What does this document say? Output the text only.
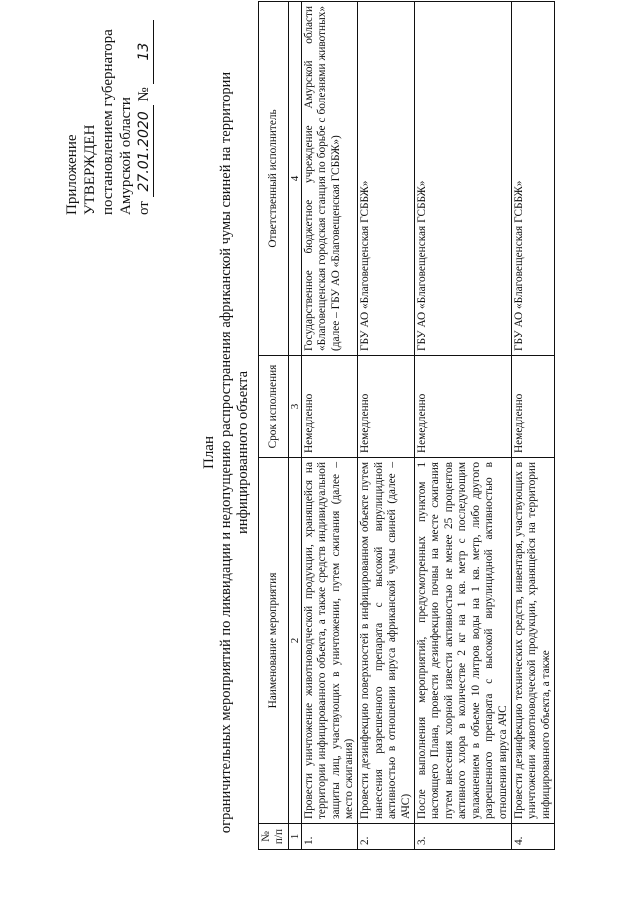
Приложение УТВЕРЖДЕН постановлением губернатора Амурской области от 27.01.2020 № 13
План ограничительных мероприятий по ликвидации и недопущению распространения африканской чумы свиней на территории инфицированного объекта
№ п/п	Наименование мероприятия	Срок исполнения	Ответственный исполнитель
1	2	3	4
1.	Провести уничтожение животноводческой продукции, хранящейся на территории инфицированного объекта, а также средств индивидуальной защиты лиц, участвующих в уничтожении, путем сжигания (далее – место сжигания)	Немедленно	Государственное бюджетное учреждение Амурской области «Благовещенская городская станция по борьбе с болезнями животных» (далее – ГБУ АО «Благовещенская ГСББЖ»)
2.	Провести дезинфекцию поверхностей в инфицированном объекте путем нанесения разрешенного препарата с высокой вирулицидной активностью в отношении вируса африканской чумы свиней (далее – АЧС)	Немедленно	ГБУ АО «Благовещенская ГСББЖ»
3.	После выполнения мероприятий, предусмотренных пунктом 1 настоящего Плана, провести дезинфекцию почвы на месте сжигания путем внесения хлорной извести активностью не менее 25 процентов активного хлора в количестве 2 кг на 1 кв. метр с последующим увлажнением в объеме 10 литров воды на 1 кв. метр, либо другого разрешенного препарата с высокой вирулицидной активностью в отношении вируса АЧС	Немедленно	ГБУ АО «Благовещенская ГСББЖ»
4.	Провести дезинфекцию технических средств, инвентаря, участвующих в уничтожении животноводческой продукции, хранящейся на территории инфицированного объекта, а также	Немедленно	ГБУ АО «Благовещенская ГСББЖ»
